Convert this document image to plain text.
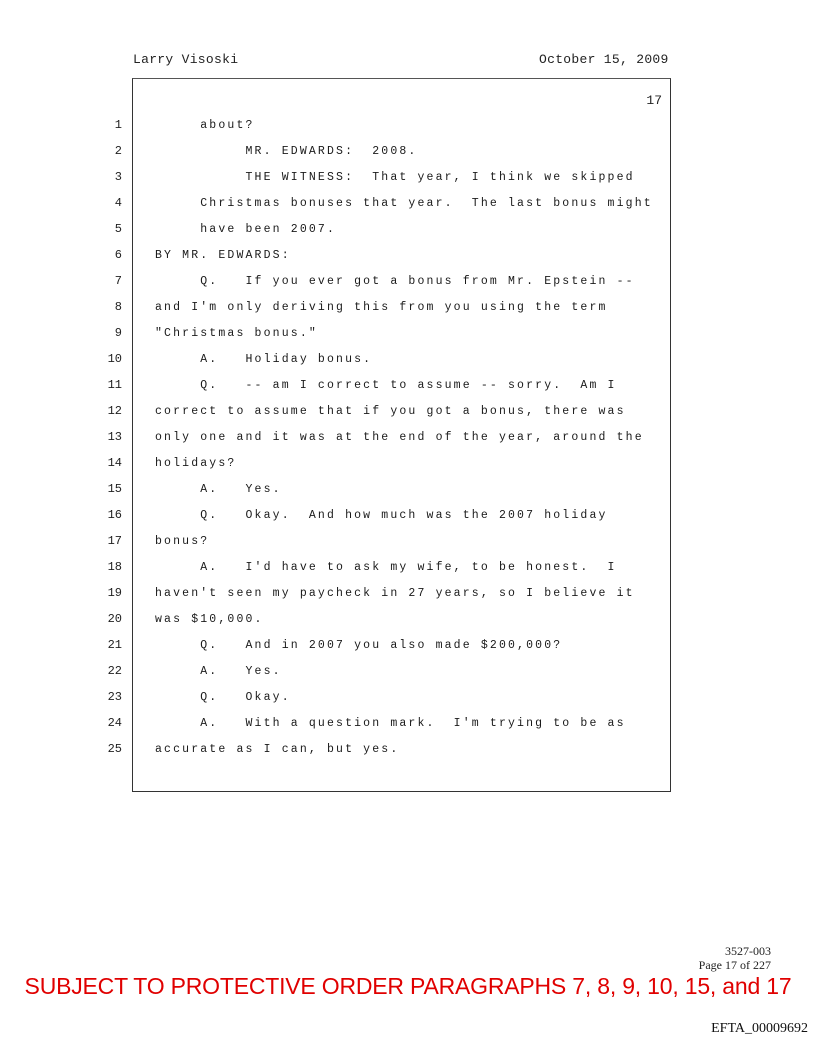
Larry Visoski	October 15, 2009
1
2
3
4
5
6
7
8
9
10
11
12
13
14
15
16
17
18
19
20
21
22
23
24
25
17
about?
MR. EDWARDS:  2008.
THE WITNESS:  That year, I think we skipped
Christmas bonuses that year.  The last bonus might
have been 2007.
BY MR. EDWARDS:
Q.   If you ever got a bonus from Mr. Epstein --
and I'm only deriving this from you using the term
"Christmas bonus."
A.   Holiday bonus.
Q.   -- am I correct to assume -- sorry.  Am I
correct to assume that if you got a bonus, there was
only one and it was at the end of the year, around the
holidays?
A.   Yes.
Q.   Okay.  And how much was the 2007 holiday
bonus?
A.   I'd have to ask my wife, to be honest.  I
haven't seen my paycheck in 27 years, so I believe it
was $10,000.
Q.   And in 2007 you also made $200,000?
A.   Yes.
Q.   Okay.
A.   With a question mark.  I'm trying to be as
accurate as I can, but yes.
3527-003
Page 17 of 227
SUBJECT TO PROTECTIVE ORDER PARAGRAPHS 7, 8, 9, 10, 15, and 17
EFTA_00009692
